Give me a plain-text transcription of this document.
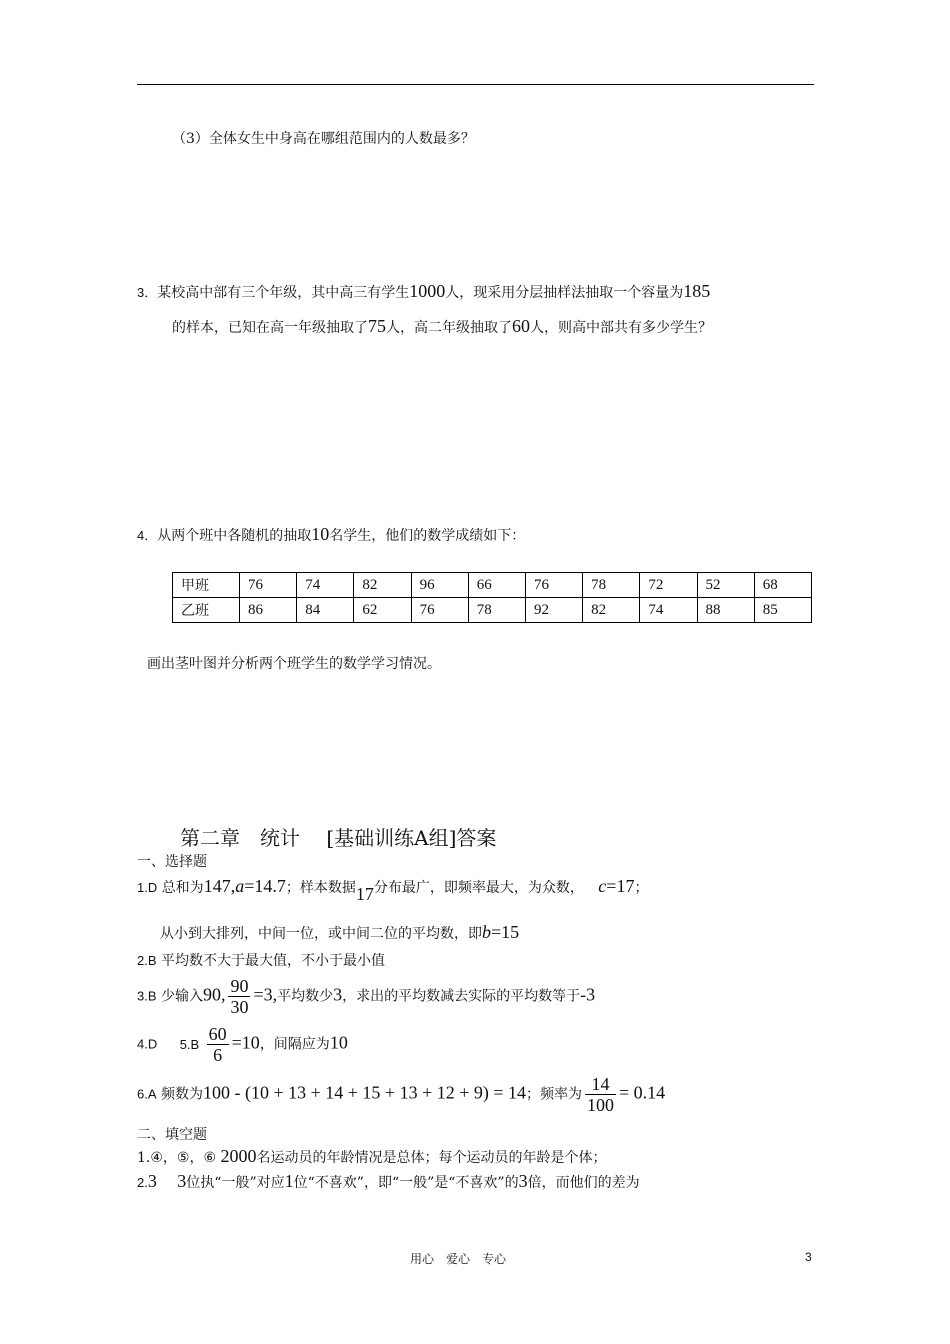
（3）全体女生中身高在哪组范围内的人数最多？
3．某校高中部有三个年级，其中高三有学生1000人，现采用分层抽样法抽取一个容量为185
的样本，已知在高一年级抽取了75人，高二年级抽取了60人，则高中部共有多少学生？
4．从两个班中各随机的抽取10名学生，他们的数学成绩如下：
甲班	76	74	82	96	66	76	78	72	52	68
乙班	86	84	62	76	78	92	82	74	88	85
画出茎叶图并分析两个班学生的数学学习情况。
第二章　统计　 [基础训练A组]答案
一、选择题
1.D 总和为147,a=14.7；样本数据17分布最广，即频率最大，为众数， c=17；
从小到大排列，中间一位，或中间二位的平均数，即b=15
2.B 平均数不大于最大值，不小于最小值
3.B 少输入90, $\frac{90}{30} =3$,平均数少3，求出的平均数减去实际的平均数等于-3
4.D $5.B \frac{60}{6} =10$，间隔应为10
6.A 频数为100 - (10 + 13 + 14 + 15 + 13 + 12 + 9) = 14；频率为 $\frac{14}{100} = 0.14$
二、填空题
1.④，⑤，⑥ 2000名运动员的年龄情况是总体；每个运动员的年龄是个体；
2.3 3位执“一般”对应1位“不喜欢”，即“一般”是“不喜欢”的3倍，而他们的差为
用心　爱心　专心	3
